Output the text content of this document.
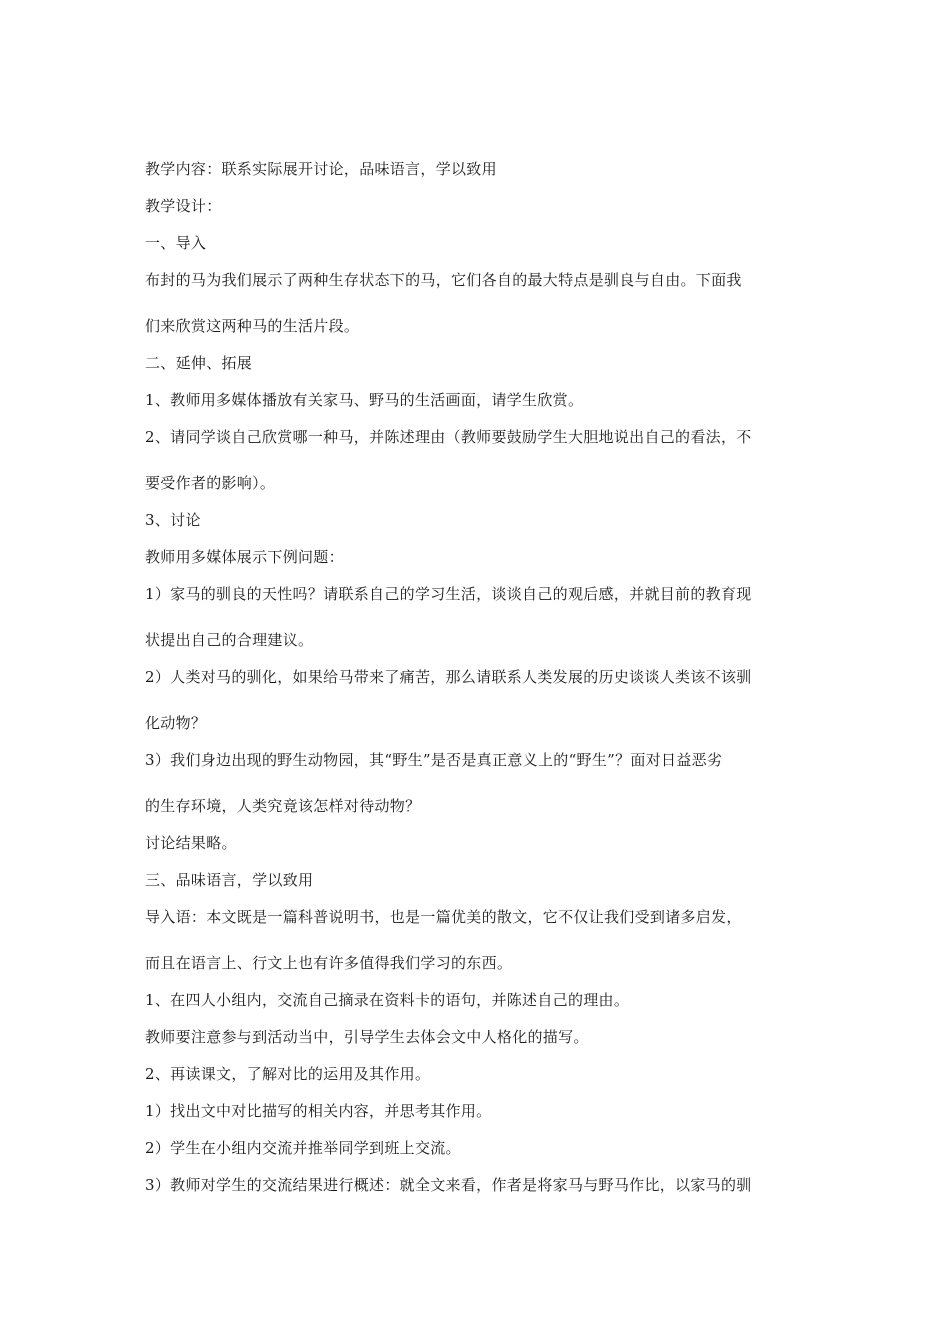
教学内容：联系实际展开讨论，品味语言，学以致用
教学设计：
一、导入
布封的马为我们展示了两种生存状态下的马，它们各自的最大特点是驯良与自由。下面我
们来欣赏这两种马的生活片段。
二、延伸、拓展
1、教师用多媒体播放有关家马、野马的生活画面，请学生欣赏。
2、请同学谈自己欣赏哪一种马，并陈述理由（教师要鼓励学生大胆地说出自己的看法，不
要受作者的影响）。
3、讨论
教师用多媒体展示下例问题：
1）家马的驯良的天性吗？请联系自己的学习生活，谈谈自己的观后感，并就目前的教育现
状提出自己的合理建议。
2）人类对马的驯化，如果给马带来了痛苦，那么请联系人类发展的历史谈谈人类该不该驯
化动物？
3）我们身边出现的野生动物园，其“野生”是否是真正意义上的“野生”？面对日益恶劣
的生存环境，人类究竟该怎样对待动物？
讨论结果略。
三、品味语言，学以致用
导入语：本文既是一篇科普说明书，也是一篇优美的散文，它不仅让我们受到诸多启发，
而且在语言上、行文上也有许多值得我们学习的东西。
1、在四人小组内，交流自己摘录在资料卡的语句，并陈述自己的理由。
教师要注意参与到活动当中，引导学生去体会文中人格化的描写。
2、再读课文，了解对比的运用及其作用。
1）找出文中对比描写的相关内容，并思考其作用。
2）学生在小组内交流并推举同学到班上交流。
3）教师对学生的交流结果进行概述：就全文来看，作者是将家马与野马作比，以家马的驯
